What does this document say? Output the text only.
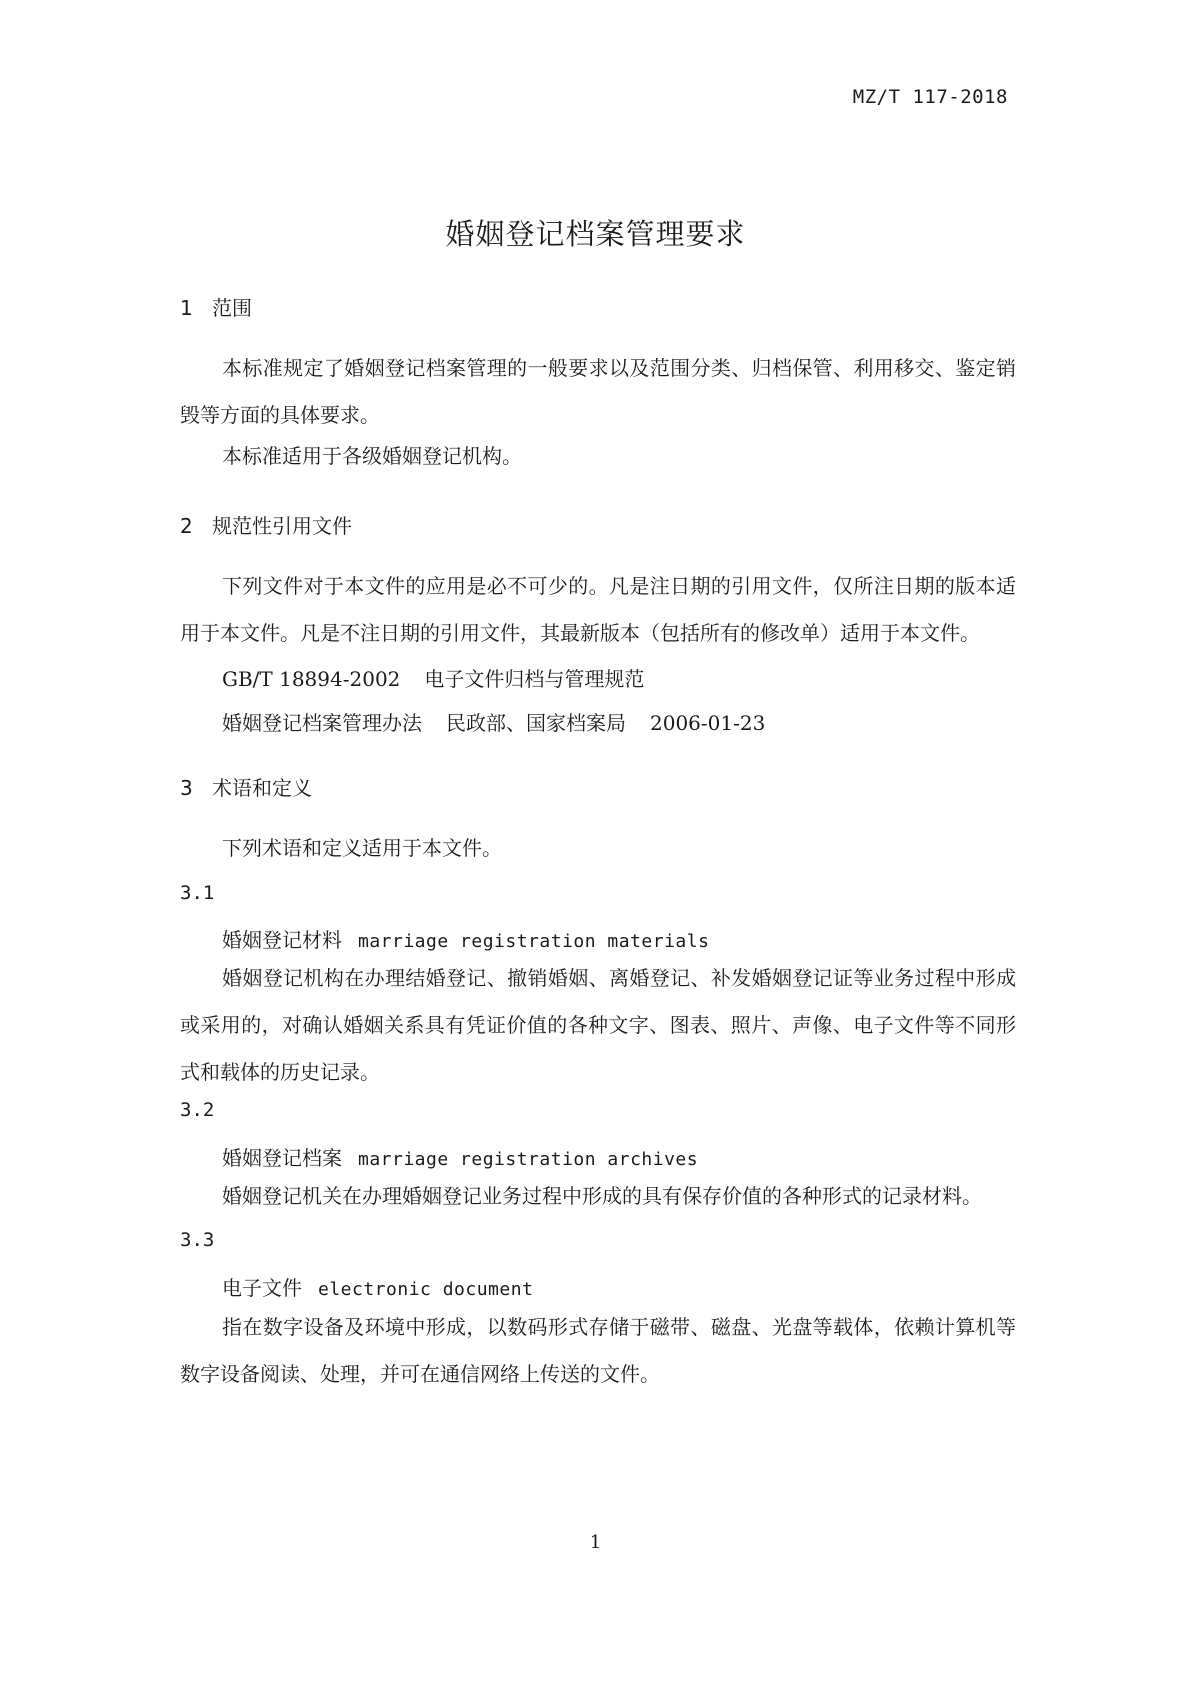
MZ/T 117-2018
婚姻登记档案管理要求
1 范围
本标准规定了婚姻登记档案管理的一般要求以及范围分类、归档保管、利用移交、鉴定销毁等方面的具体要求。
本标准适用于各级婚姻登记机构。
2 规范性引用文件
下列文件对于本文件的应用是必不可少的。凡是注日期的引用文件，仅所注日期的版本适用于本文件。凡是不注日期的引用文件，其最新版本（包括所有的修改单）适用于本文件。
GB/T 18894-2002 电子文件归档与管理规范
婚姻登记档案管理办法 民政部、国家档案局 2006-01-23
3 术语和定义
下列术语和定义适用于本文件。
3.1
婚姻登记材料 marriage registration materials
婚姻登记机构在办理结婚登记、撤销婚姻、离婚登记、补发婚姻登记证等业务过程中形成或采用的，对确认婚姻关系具有凭证价值的各种文字、图表、照片、声像、电子文件等不同形式和载体的历史记录。
3.2
婚姻登记档案 marriage registration archives
婚姻登记机关在办理婚姻登记业务过程中形成的具有保存价值的各种形式的记录材料。
3.3
电子文件 electronic document
指在数字设备及环境中形成，以数码形式存储于磁带、磁盘、光盘等载体，依赖计算机等数字设备阅读、处理，并可在通信网络上传送的文件。
1
